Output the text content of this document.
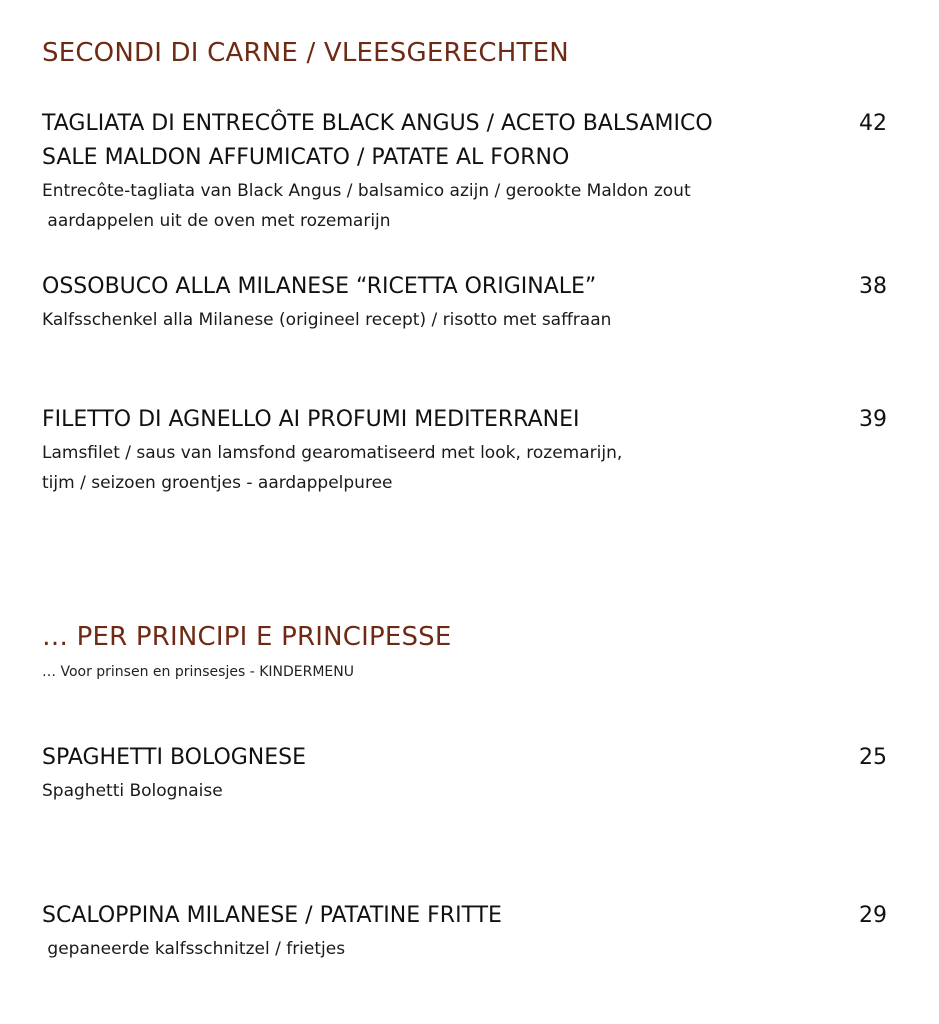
SECONDI DI CARNE / VLEESGERECHTEN
TAGLIATA DI ENTRECÔTE BLACK ANGUS / ACETO BALSAMICO	42
SALE MALDON AFFUMICATO / PATATE AL FORNO
Entrecôte-tagliata van Black Angus / balsamico azijn / gerookte Maldon zout
aardappelen uit de oven met rozemarijn
OSSOBUCO ALLA MILANESE “RICETTA ORIGINALE”	38
Kalfsschenkel alla Milanese (origineel recept) / risotto met saffraan
FILETTO DI AGNELLO AI PROFUMI MEDITERRANEI	39
Lamsfilet / saus van lamsfond gearomatiseerd met look, rozemarijn,
tijm / seizoen groentjes - aardappelpuree
… PER PRINCIPI E PRINCIPESSE
… Voor prinsen en prinsesjes - KINDERMENU
SPAGHETTI BOLOGNESE	25
Spaghetti Bolognaise
SCALOPPINA MILANESE / PATATINE FRITTE	29
gepaneerde kalfsschnitzel / frietjes
